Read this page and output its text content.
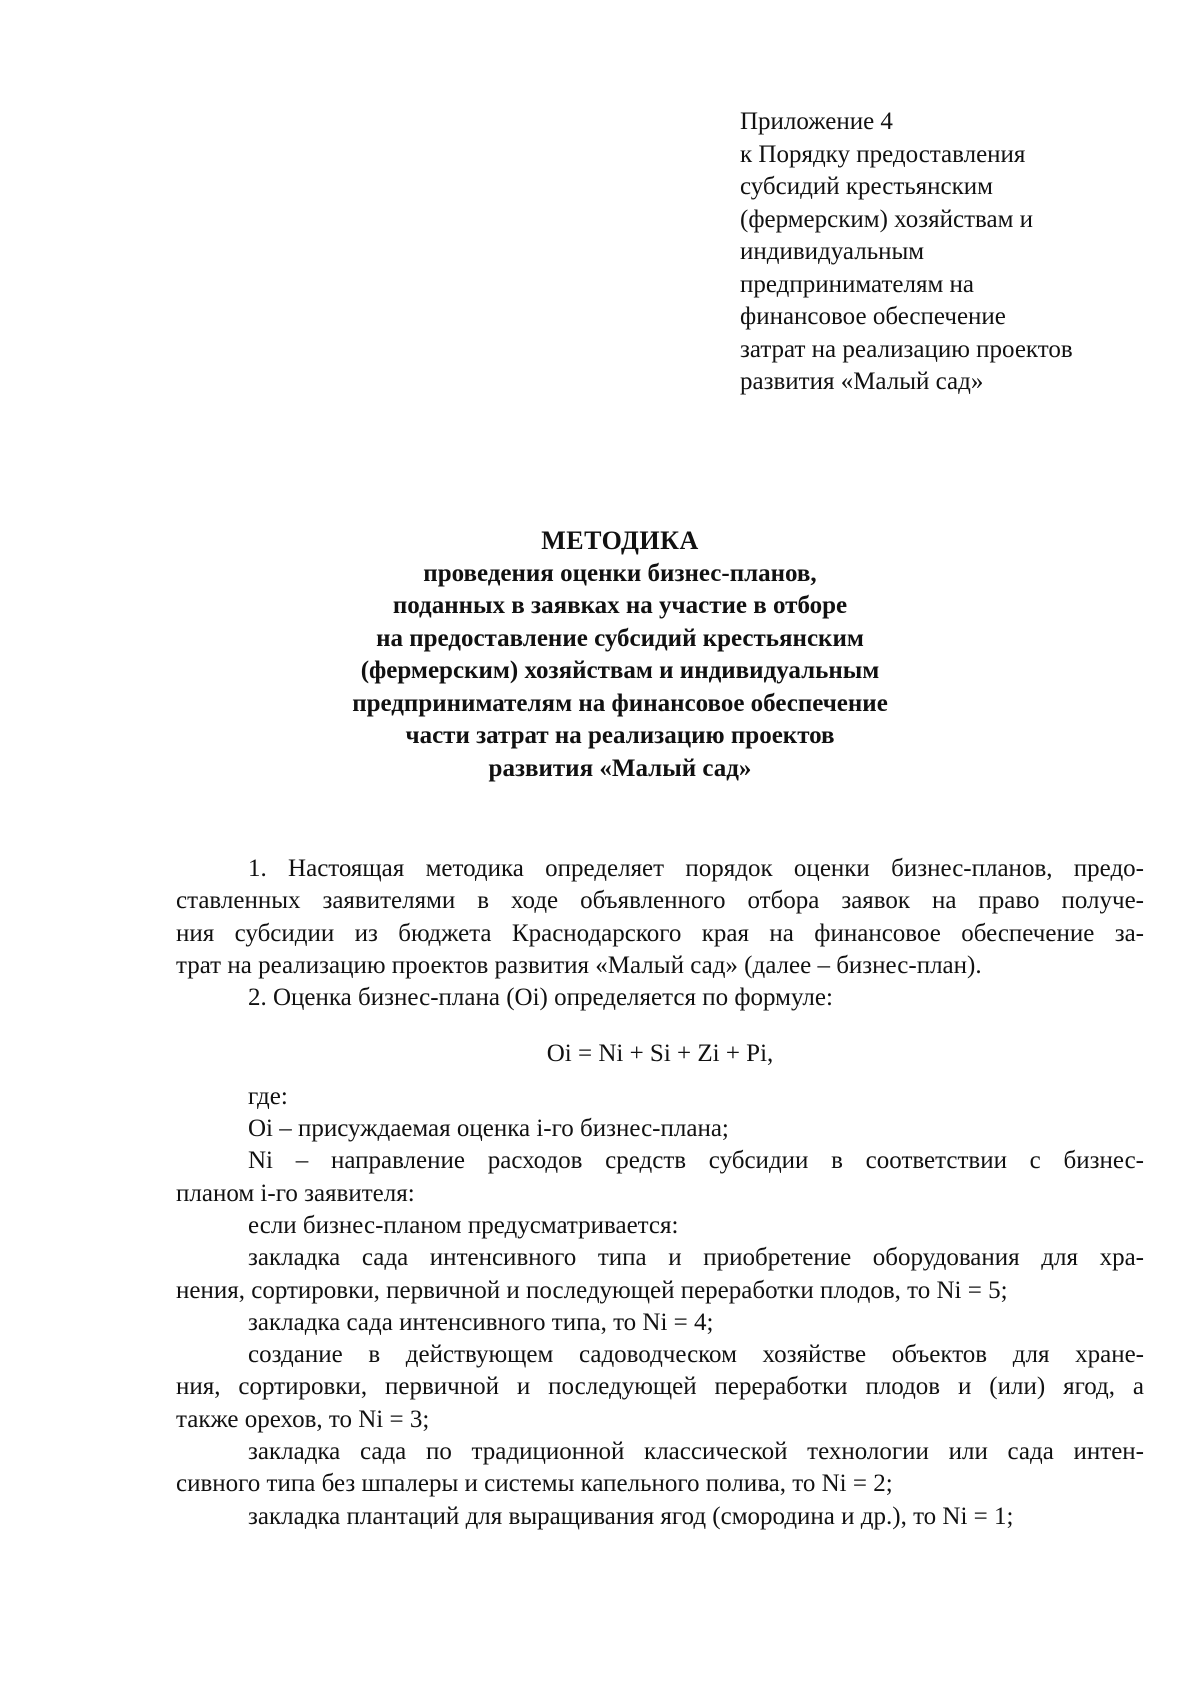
Приложение 4
к Порядку предоставления
субсидий крестьянским
(фермерским) хозяйствам и
индивидуальным
предпринимателям на
финансовое обеспечение
затрат на реализацию проектов
развития «Малый сад»
МЕТОДИКА
проведения оценки бизнес-планов,
поданных в заявках на участие в отборе
на предоставление субсидий крестьянским
(фермерским) хозяйствам и индивидуальным
предпринимателям на финансовое обеспечение
части затрат на реализацию проектов
развития «Малый сад»

1. Настоящая методика определяет порядок оценки бизнес-планов, предо-

ставленных заявителями в ходе объявленного отбора заявок на право получе-

ния субсидии из бюджета Краснодарского края на финансовое обеспечение за-

трат на реализацию проектов развития «Малый сад» (далее – бизнес-план).

2. Оценка бизнес-плана (Oi) определяется по формуле:

Oi = Ni + Si + Zi + Pi,

где:

Oi – присуждаемая оценка i-го бизнес-плана;

Ni – направление расходов средств субсидии в соответствии с бизнес-

планом i-го заявителя:

если бизнес-планом предусматривается:

закладка сада интенсивного типа и приобретение оборудования для хра-

нения, сортировки, первичной и последующей переработки плодов, то Ni = 5;

закладка сада интенсивного типа, то Ni = 4;

создание в действующем садоводческом хозяйстве объектов для хране-

ния, сортировки, первичной и последующей переработки плодов и (или) ягод, а

также орехов, то Ni = 3;

закладка сада по традиционной классической технологии или сада интен-

сивного типа без шпалеры и системы капельного полива, то Ni = 2;

закладка плантаций для выращивания ягод (смородина и др.), то Ni = 1;
